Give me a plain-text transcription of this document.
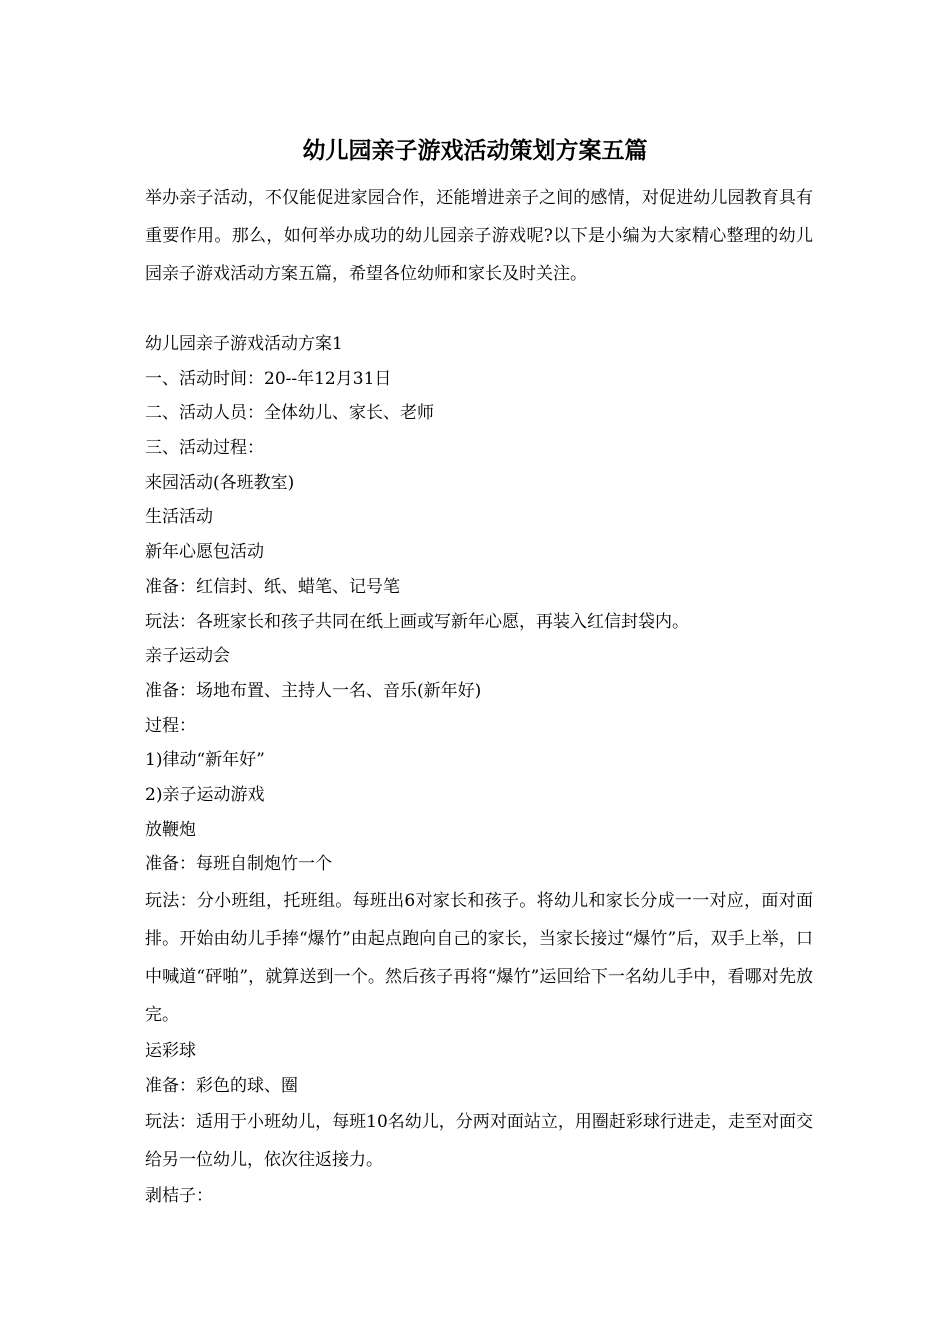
幼儿园亲子游戏活动策划方案五篇
举办亲子活动，不仅能促进家园合作，还能增进亲子之间的感情，对促进幼儿园教育具有重要作用。那么，如何举办成功的幼儿园亲子游戏呢?以下是小编为大家精心整理的幼儿园亲子游戏活动方案五篇，希望各位幼师和家长及时关注。
幼儿园亲子游戏活动方案1
一、活动时间：20--年12月31日
二、活动人员：全体幼儿、家长、老师
三、活动过程：
来园活动(各班教室)
生活活动
新年心愿包活动
准备：红信封、纸、蜡笔、记号笔
玩法：各班家长和孩子共同在纸上画或写新年心愿，再装入红信封袋内。
亲子运动会
准备：场地布置、主持人一名、音乐(新年好)
过程：
1)律动“新年好”
2)亲子运动游戏
放鞭炮
准备：每班自制炮竹一个
玩法：分小班组，托班组。每班出6对家长和孩子。将幼儿和家长分成一一对应，面对面排。开始由幼儿手捧“爆竹”由起点跑向自己的家长，当家长接过“爆竹”后，双手上举，口中喊道“砰啪”，就算送到一个。然后孩子再将“爆竹”运回给下一名幼儿手中，看哪对先放完。
运彩球
准备：彩色的球、圈
玩法：适用于小班幼儿，每班10名幼儿，分两对面站立，用圈赶彩球行进走，走至对面交给另一位幼儿，依次往返接力。
剥桔子：
